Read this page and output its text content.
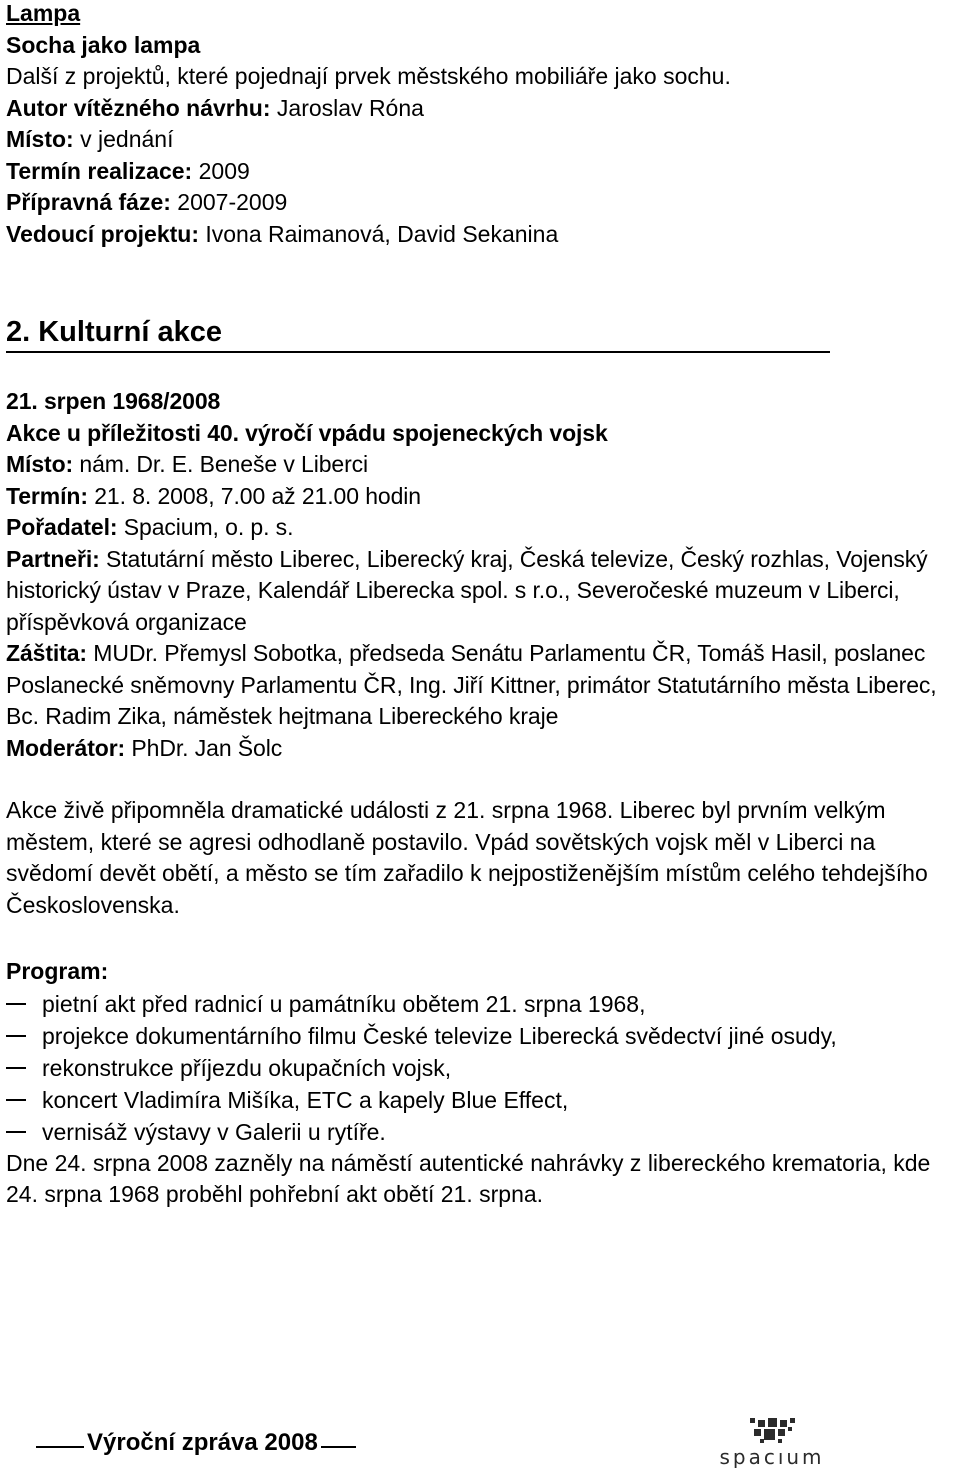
Lampa
Socha jako lampa
Další z projektů, které pojednají prvek městského mobiliáře jako sochu.
Autor vítězného návrhu: Jaroslav Róna
Místo: v jednání
Termín realizace: 2009
Přípravná fáze: 2007-2009
Vedoucí projektu: Ivona Raimanová, David Sekanina
2. Kulturní akce
21. srpen 1968/2008
Akce u příležitosti 40. výročí vpádu spojeneckých vojsk
Místo: nám. Dr. E. Beneše v Liberci
Termín: 21. 8. 2008, 7.00 až 21.00 hodin
Pořadatel: Spacium, o. p. s.
Partneři: Statutární město Liberec, Liberecký kraj, Česká televize, Český rozhlas, Vojenský historický ústav v Praze, Kalendář Liberecka spol. s r.o., Severočeské muzeum v Liberci, příspěvková organizace
Záštita: MUDr. Přemysl Sobotka, předseda Senátu Parlamentu ČR, Tomáš Hasil, poslanec Poslanecké sněmovny Parlamentu ČR, Ing. Jiří Kittner, primátor Statutárního města Liberec, Bc. Radim Zika, náměstek hejtmana Libereckého kraje
Moderátor: PhDr. Jan Šolc
Akce živě připomněla dramatické události z 21. srpna 1968. Liberec byl prvním velkým městem, které se agresi odhodlaně postavilo. Vpád sovětských vojsk měl v Liberci na svědomí devět obětí, a město se tím zařadilo k nejpostiženějším místům celého tehdejšího Československa.
Program:
pietní akt před radnicí u památníku obětem 21. srpna 1968,
projekce dokumentárního filmu České televize Liberecká svědectví jiné osudy,
rekonstrukce příjezdu okupačních vojsk,
koncert Vladimíra Mišíka, ETC a kapely Blue Effect,
vernisáž výstavy v Galerii u rytíře.
Dne 24. srpna 2008 zazněly na náměstí autentické nahrávky z libereckého krematoria, kde 24. srpna 1968 proběhl pohřební akt obětí 21. srpna.
Výroční zpráva 2008
spacıum
